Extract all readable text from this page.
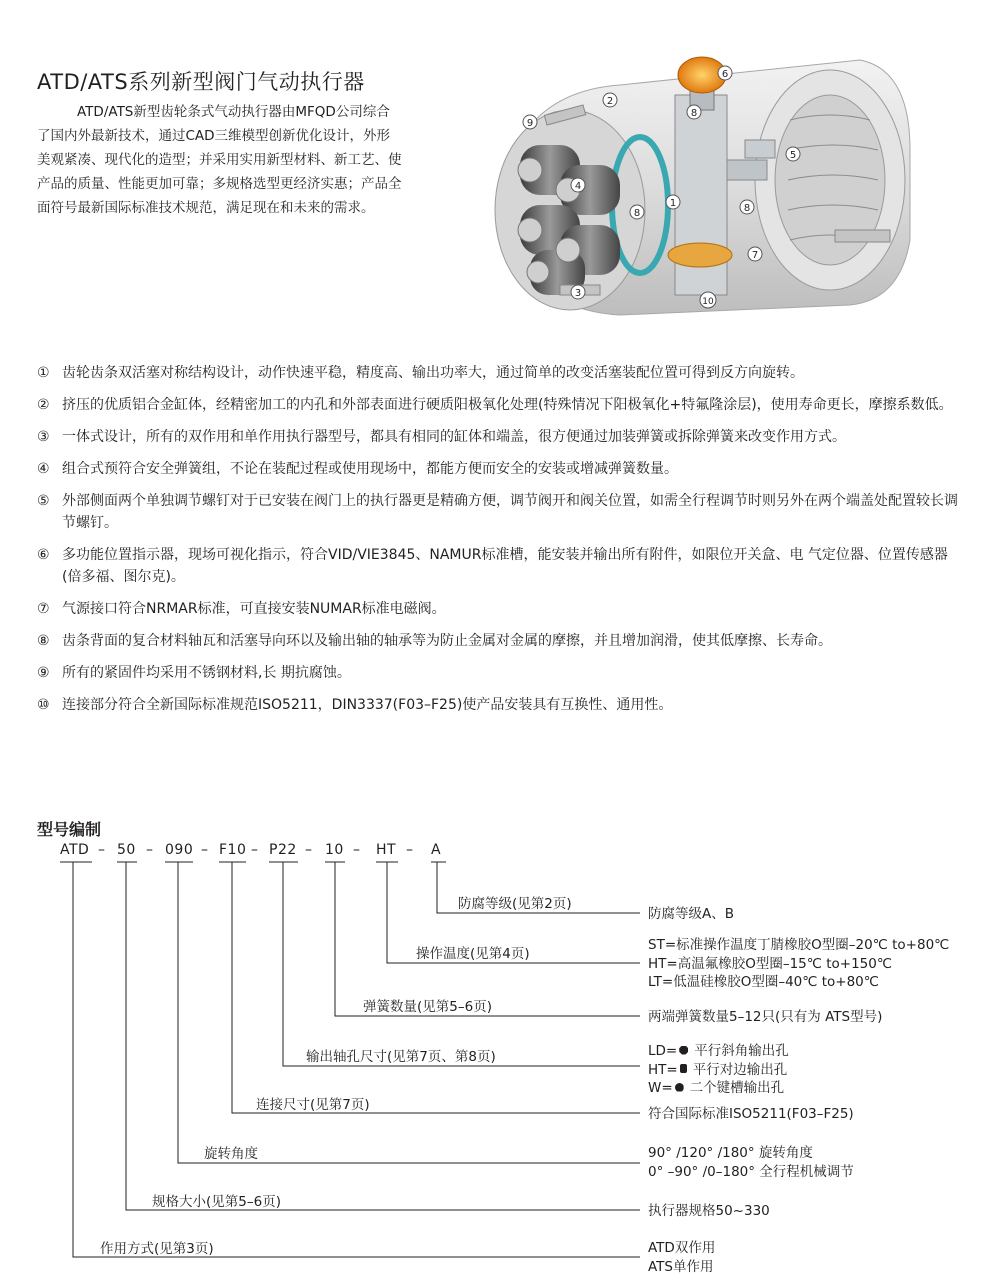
ATD/ATS系列新型阀门气动执行器
ATD/ATS新型齿轮条式气动执行器由MFQD公司综合了国内外最新技术，通过CAD三维模型创新优化设计，外形美观紧凑、现代化的造型；并采用实用新型材料、新工艺、使产品的质量、性能更加可靠；多规格选型更经济实惠；产品全面符号最新国际标准技术规范，满足现在和未来的需求。	1
2
3
4
5
6
7
8
8
8
9
10
① 齿轮齿条双活塞对称结构设计，动作快速平稳，精度高、输出功率大，通过简单的改变活塞装配位置可得到反方向旋转。
② 挤压的优质铝合金缸体，经精密加工的内孔和外部表面进行硬质阳极氧化处理(特殊情况下阳极氧化+特氟隆涂层)，使用寿命更长，摩擦系数低。
③ 一体式设计，所有的双作用和单作用执行器型号，都具有相同的缸体和端盖，很方便通过加装弹簧或拆除弹簧来改变作用方式。
④ 组合式预符合安全弹簧组，不论在装配过程或使用现场中，都能方便而安全的安装或增减弹簧数量。
⑤ 外部侧面两个单独调节螺钉对于已安装在阀门上的执行器更是精确方便，调节阀开和阀关位置，如需全行程调节时则另外在两个端盖处配置较长调节螺钉。
⑥ 多功能位置指示器，现场可视化指示，符合VID/VIE3845、NAMUR标准槽，能安装并输出所有附件，如限位开关盒、电 气定位器、位置传感器(倍多福、图尔克)。
⑦ 气源接口符合NRMAR标准，可直接安装NUMAR标准电磁阀。
⑧ 齿条背面的复合材料轴瓦和活塞导向环以及输出轴的轴承等为防止金属对金属的摩擦，并且增加润滑，使其低摩擦、长寿命。
⑨ 所有的紧固件均采用不锈钢材料,长 期抗腐蚀。
⑩ 连接部分符合全新国际标准规范ISO5211，DIN3337(F03–F25)使产品安装具有互换性、通用性。
型号编制
ATD – 50 – 090 – F10 – P22 – 10 – HT – A
防腐等级(见第2页)
操作温度(见第4页)
弹簧数量(见第5–6页)
输出轴孔尺寸(见第7页、第8页)
连接尺寸(见第7页)
旋转角度
规格大小(见第5–6页)
作用方式(见第3页)
防腐等级A、B
ST=标准操作温度丁腈橡胶O型圈–20℃ to+80℃
HT=高温氟橡胶O型圈–15℃ to+150℃
LT=低温硅橡胶O型圈–40℃ to+80℃
两端弹簧数量5–12只(只有为 ATS型号)
LD= 平行斜角输出孔
HT= 平行对边输出孔
W= 二个键槽输出孔
符合国际标准ISO5211(F03–F25)
90° /120° /180° 旋转角度
0° –90° /0–180° 全行程机械调节
执行器规格50~330
ATD双作用
ATS单作用
